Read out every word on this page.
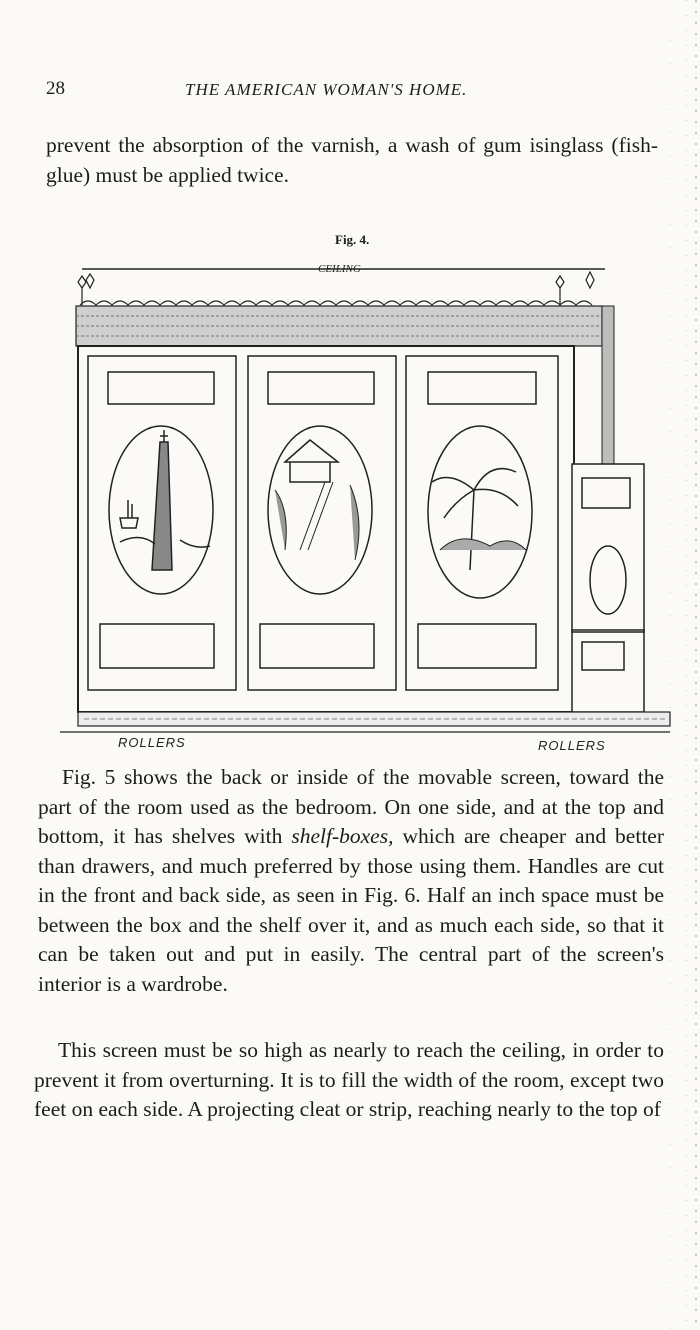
28	THE AMERICAN WOMAN'S HOME.

prevent the absorption of the varnish, a wash of gum isinglass (fish-glue) must be applied twice.

Fig. 4.
CEILING
ROLLERS	ROLLERS

Fig. 5 shows the back or inside of the movable screen, toward the part of the room used as the bedroom. On one side, and at the top and bottom, it has shelves with shelf-boxes, which are cheaper and better than drawers, and much preferred by those using them. Handles are cut in the front and back side, as seen in Fig. 6. Half an inch space must be between the box and the shelf over it, and as much each side, so that it can be taken out and put in easily. The central part of the screen's interior is a wardrobe.

This screen must be so high as nearly to reach the ceiling, in order to prevent it from overturning. It is to fill the width of the room, except two feet on each side. A projecting cleat or strip, reaching nearly to the top of
